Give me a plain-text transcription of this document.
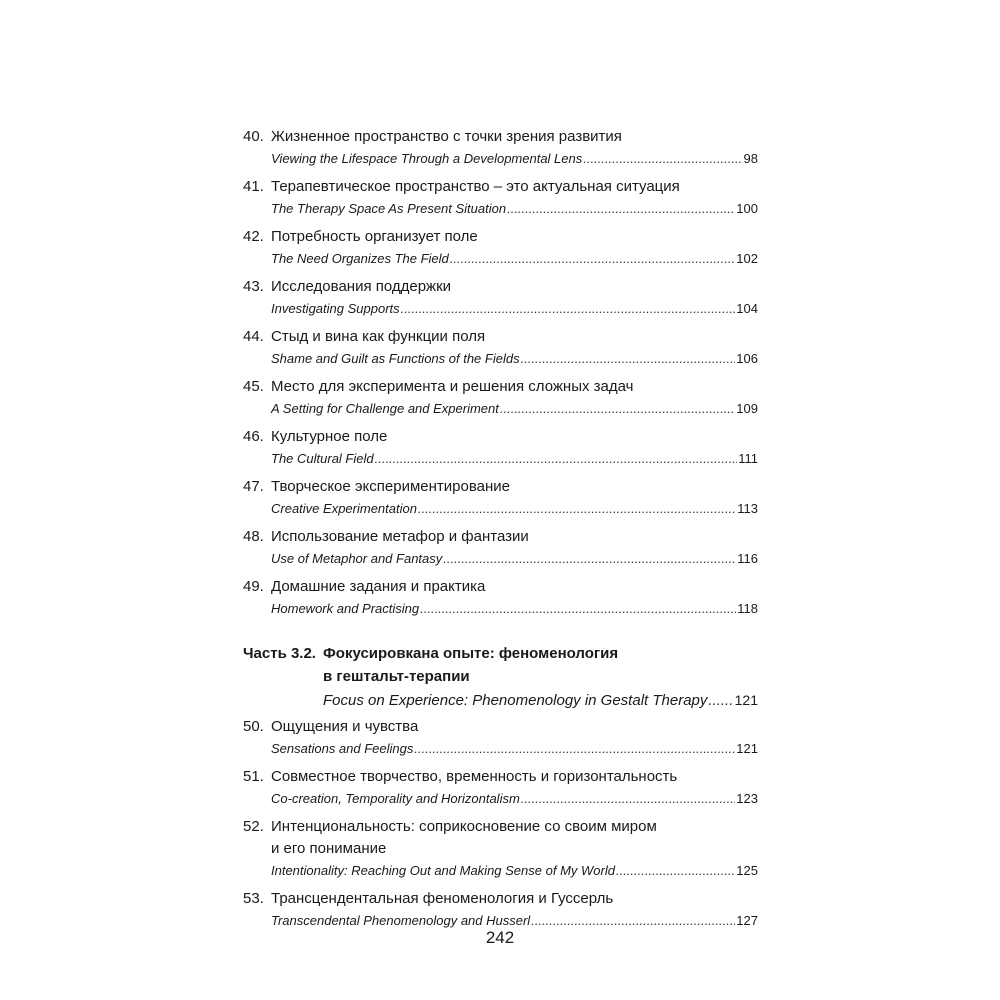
40. Жизненное пространство с точки зрения развития
Viewing the Lifespace Through a Developmental Lens .....	98
41. Терапевтическое пространство – это актуальная ситуация
The Therapy Space As Present Situation .....	100
42. Потребность организует поле
The Need Organizes The Field .....	102
43. Исследования поддержки
Investigating Supports .....	104
44. Стыд и вина как функции поля
Shame and Guilt as Functions of the Fields .....	106
45. Место для эксперимента и решения сложных задач
A Setting for Challenge and Experiment .....	109
46. Культурное поле
The Cultural Field .....	111
47. Творческое экспериментирование
Creative Experimentation .....	113
48. Использование метафор и фантазии
Use of Metaphor and Fantasy .....	116
49. Домашние задания и практика
Homework and Practising .....	118
Часть 3.2. Фокусировкана опыте: феноменология
в гештальт-терапии
Focus on Experience: Phenomenology in Gestalt Therapy ..... 121
50. Ощущения и чувства
Sensations and Feelings .....	121
51. Совместное творчество, временность и горизонтальность
Co-creation, Temporality and Horizontalism .....	123
52. Интенциональность: соприкосновение со своим миром
и его понимание
Intentionality: Reaching Out and Making Sense of My World .....	125
53. Трансцендентальная феноменология и Гуссерль
Transcendental Phenomenology and Husserl .....	127
242
